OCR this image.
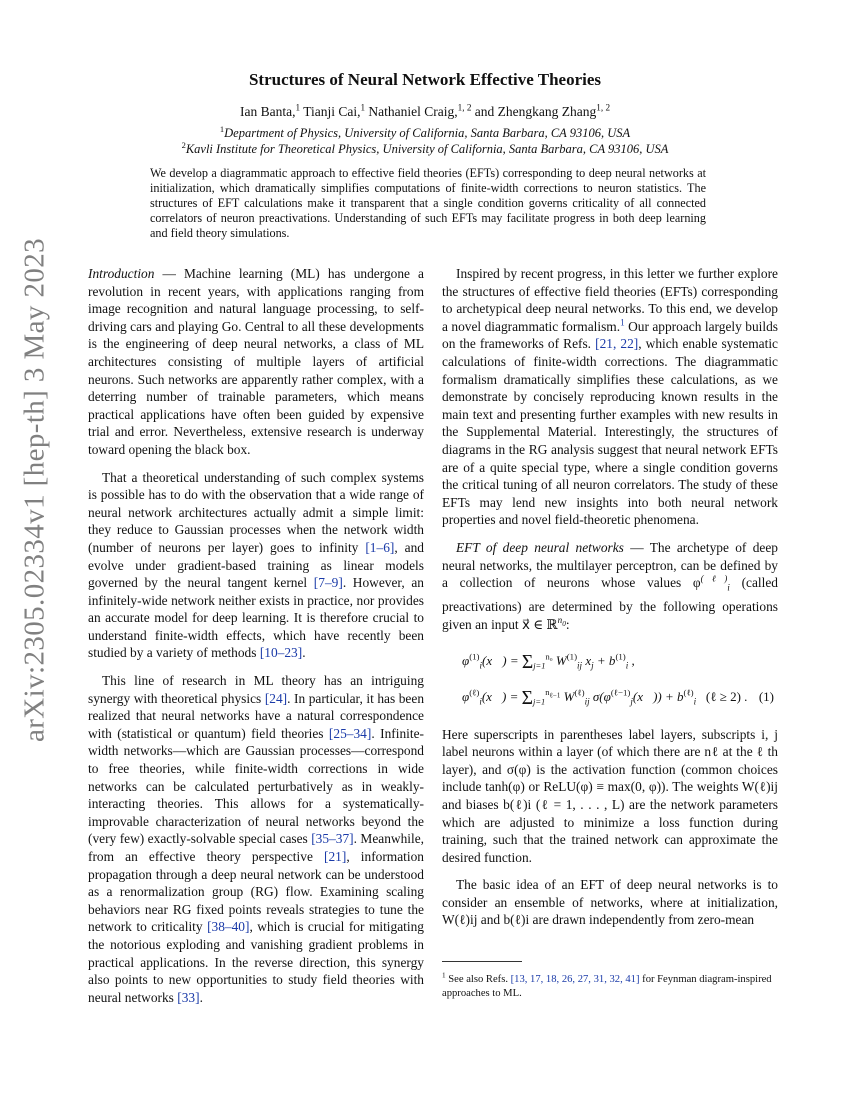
arXiv:2305.02334v1 [hep-th] 3 May 2023
Structures of Neural Network Effective Theories
Ian Banta,$^1$ Tianji Cai,$^1$ Nathaniel Craig,$^{1, 2}$ and Zhengkang Zhang$^{1, 2}$
$^1$Department of Physics, University of California, Santa Barbara, CA 93106, USA
$^2$Kavli Institute for Theoretical Physics, University of California, Santa Barbara, CA 93106, USA
We develop a diagrammatic approach to effective field theories (EFTs) corresponding to deep neural networks at initialization, which dramatically simplifies computations of finite-width corrections to neuron statistics. The structures of EFT calculations make it transparent that a single condition governs criticality of all connected correlators of neuron preactivations. Understanding of such EFTs may facilitate progress in both deep learning and field theory simulations.

Introduction — Machine learning (ML) has undergone a revolution in recent years, with applications ranging from image recognition and natural language processing, to self-driving cars and playing Go. Central to all these developments is the engineering of deep neural networks, a class of ML architectures consisting of multiple layers of artificial neurons. Such networks are apparently rather complex, with a deterring number of trainable parameters, which means practical applications have often been guided by expensive trial and error. Nevertheless, extensive research is underway toward opening the black box.

That a theoretical understanding of such complex systems is possible has to do with the observation that a wide range of neural network architectures actually admit a simple limit: they reduce to Gaussian processes when the network width (number of neurons per layer) goes to infinity [1–6], and evolve under gradient-based training as linear models governed by the neural tangent kernel [7–9]. However, an infinitely-wide network neither exists in practice, nor provides an accurate model for deep learning. It is therefore crucial to understand finite-width effects, which have recently been studied by a variety of methods [10–23].

This line of research in ML theory has an intriguing synergy with theoretical physics [24]. In particular, it has been realized that neural networks have a natural correspondence with (statistical or quantum) field theories [25–34]. Infinite-width networks—which are Gaussian processes—correspond to free theories, while finite-width corrections in wide networks can be calculated perturbatively as in weakly-interacting theories. This allows for a systematically-improvable characterization of neural networks beyond the (very few) exactly-solvable special cases [35–37]. Meanwhile, from an effective theory perspective [21], information propagation through a deep neural network can be understood as a renormalization group (RG) flow. Examining scaling behaviors near RG fixed points reveals strategies to tune the network to criticality [38–40], which is crucial for mitigating the notorious exploding and vanishing gradient problems in practical applications. In the reverse direction, this synergy also points to new opportunities to study field theories with neural networks [33].

Inspired by recent progress, in this letter we further explore the structures of effective field theories (EFTs) corresponding to archetypical deep neural networks. To this end, we develop a novel diagrammatic formalism.$^1$ Our approach largely builds on the frameworks of Refs. [21, 22], which enable systematic calculations of finite-width corrections. The diagrammatic formalism dramatically simplifies these calculations, as we demonstrate by concisely reproducing known results in the main text and presenting further examples with new results in the Supplemental Material. Interestingly, the structures of diagrams in the RG analysis suggest that neural network EFTs are of a quite special type, where a single condition governs the critical tuning of all neuron correlators. The study of these EFTs may lend new insights into both neural network properties and novel field-theoretic phenomena.

EFT of deep neural networks — The archetype of deep neural networks, the multilayer perceptron, can be defined by a collection of neurons whose values $\varphi^{(\ell)}_i$ (called preactivations) are determined by the following operations given an input x⃗ ∈ ℝ$^{n_0}$:

$\varphi^{(1)}_i(x⃗) = \Sigma_{j=1}^{n_0}$ $W^{(1)}_{ij}$ $x_j + b^{(1)}_i$ ,
$\varphi^{(\ell)}_i(x⃗) = \Sigma_{j=1}^{n_{\ell-1}}$ $W^{(\ell)}_{ij}$ $\sigma(\varphi^{(\ell-1)}_j(x⃗)) + b^{(\ell)}_i$ (ℓ ≥ 2) . (1)

Here superscripts in parentheses label layers, subscripts i, j label neurons within a layer (of which there are nℓ at the ℓ th layer), and σ(φ) is the activation function (common choices include tanh(φ) or ReLU(φ) ≡ max(0, φ)). The weights W(ℓ)ij and biases b(ℓ)i (ℓ = 1, . . . , L) are the network parameters which are adjusted to minimize a loss function during training, such that the trained network can approximate the desired function.

The basic idea of an EFT of deep neural networks is to consider an ensemble of networks, where at initialization, W(ℓ)ij and b(ℓ)i are drawn independently from zero-mean

$^1$ See also Refs. [13, 17, 18, 26, 27, 31, 32, 41] for Feynman diagram-inspired approaches to ML.
